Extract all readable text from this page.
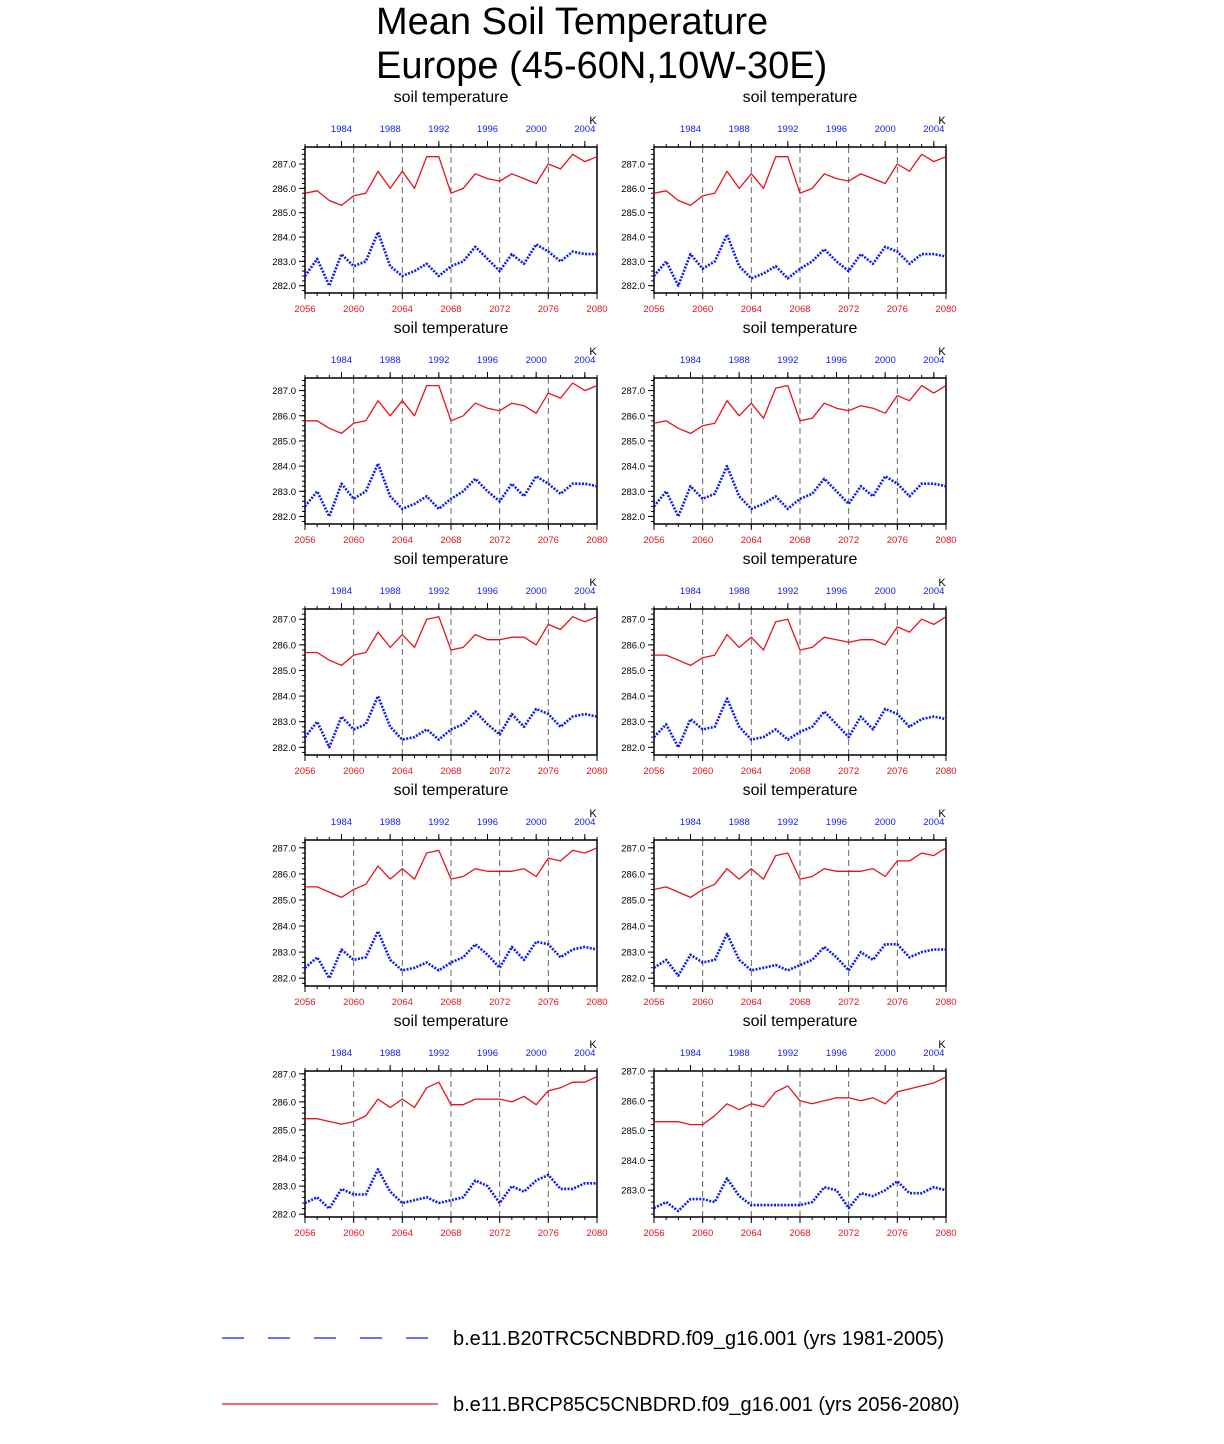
Mean Soil Temperature
Europe (45-60N,10W-30E)
soil temperature
K
2056	2060	2064	2068	2072	2076	2080
1984	1988	1992	1996	2000	2004
282.0
283.0
284.0
285.0
286.0
287.0
soil temperature
K
2056	2060	2064	2068	2072	2076	2080
1984	1988	1992	1996	2000	2004
282.0
283.0
284.0
285.0
286.0
287.0
soil temperature
K
2056	2060	2064	2068	2072	2076	2080
1984	1988	1992	1996	2000	2004
282.0
283.0
284.0
285.0
286.0
287.0
soil temperature
K
2056	2060	2064	2068	2072	2076	2080
1984	1988	1992	1996	2000	2004
282.0
283.0
284.0
285.0
286.0
287.0
soil temperature
K
2056	2060	2064	2068	2072	2076	2080
1984	1988	1992	1996	2000	2004
282.0
283.0
284.0
285.0
286.0
287.0
soil temperature
K
2056	2060	2064	2068	2072	2076	2080
1984	1988	1992	1996	2000	2004
282.0
283.0
284.0
285.0
286.0
287.0
soil temperature
K
2056	2060	2064	2068	2072	2076	2080
1984	1988	1992	1996	2000	2004
282.0
283.0
284.0
285.0
286.0
287.0
soil temperature
K
2056	2060	2064	2068	2072	2076	2080
1984	1988	1992	1996	2000	2004
282.0
283.0
284.0
285.0
286.0
287.0
soil temperature
K
2056	2060	2064	2068	2072	2076	2080
1984	1988	1992	1996	2000	2004
282.0
283.0
284.0
285.0
286.0
287.0
soil temperature
K
2056	2060	2064	2068	2072	2076	2080
1984	1988	1992	1996	2000	2004
283.0
284.0
285.0
286.0
287.0
b.e11.B20TRC5CNBDRD.f09_g16.001 (yrs 1981-2005)
b.e11.BRCP85C5CNBDRD.f09_g16.001 (yrs 2056-2080)
